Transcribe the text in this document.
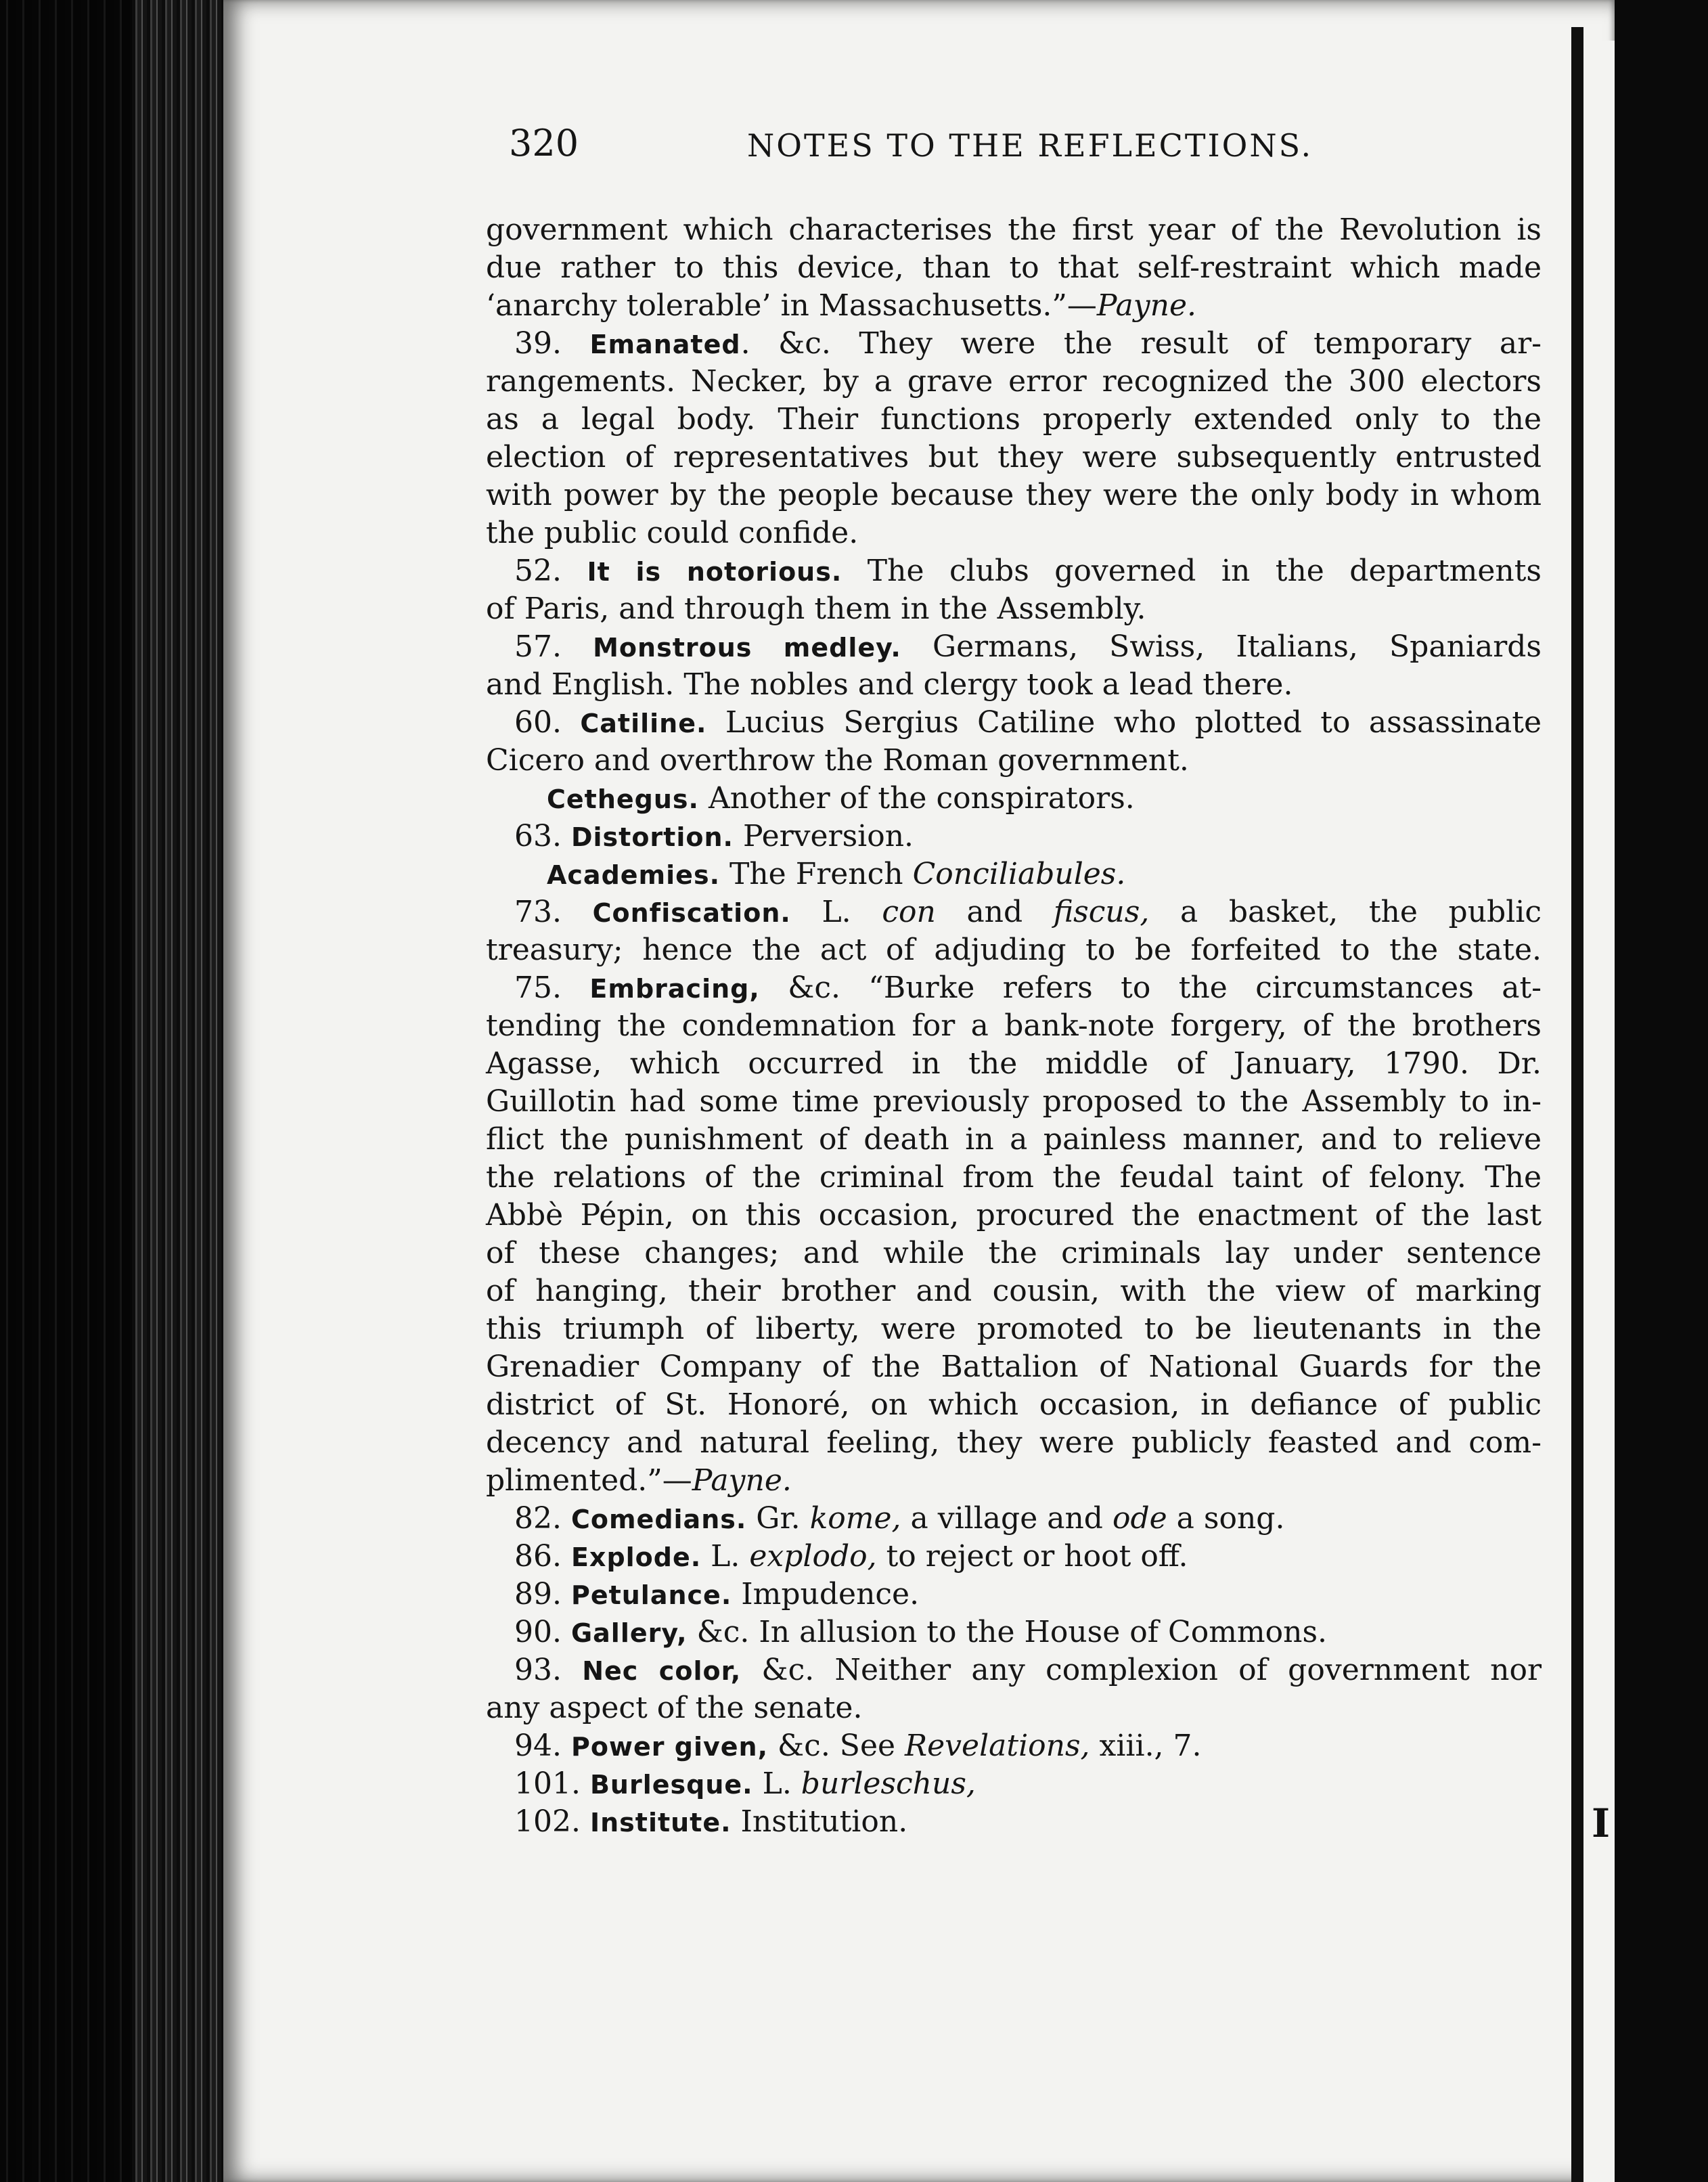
I
320	NOTES TO THE REFLECTIONS.
government which characterises the first year of the Revolution is
due rather to this device, than to that self-restraint which made
‘anarchy tolerable’ in Massachusetts.”—Payne.
39. Emanated. &c. They were the result of temporary ar-
rangements. Necker, by a grave error recognized the 300 electors
as a legal body. Their functions properly extended only to the
election of representatives but they were subsequently entrusted
with power by the people because they were the only body in whom
the public could confide.
52. It is notorious. The clubs governed in the departments
of Paris, and through them in the Assembly.
57. Monstrous medley. Germans, Swiss, Italians, Spaniards
and English. The nobles and clergy took a lead there.
60. Catiline. Lucius Sergius Catiline who plotted to assassinate
Cicero and overthrow the Roman government.
Cethegus. Another of the conspirators.
63. Distortion. Perversion.
Academies. The French Conciliabules.
73. Confiscation. L. con and fiscus, a basket, the public
treasury; hence the act of adjuding to be forfeited to the state.
75. Embracing, &c. “Burke refers to the circumstances at-
tending the condemnation for a bank-note forgery, of the brothers
Agasse, which occurred in the middle of January, 1790. Dr.
Guillotin had some time previously proposed to the Assembly to in-
flict the punishment of death in a painless manner, and to relieve
the relations of the criminal from the feudal taint of felony. The
Abbè Pépin, on this occasion, procured the enactment of the last
of these changes; and while the criminals lay under sentence
of hanging, their brother and cousin, with the view of marking
this triumph of liberty, were promoted to be lieutenants in the
Grenadier Company of the Battalion of National Guards for the
district of St. Honoré, on which occasion, in defiance of public
decency and natural feeling, they were publicly feasted and com-
plimented.”—Payne.
82. Comedians. Gr. kome, a village and ode a song.
86. Explode. L. explodo, to reject or hoot off.
89. Petulance. Impudence.
90. Gallery, &c. In allusion to the House of Commons.
93. Nec color, &c. Neither any complexion of government nor
any aspect of the senate.
94. Power given, &c. See Revelations, xiii., 7.
101. Burlesque. L. burleschus,
102. Institute. Institution.
